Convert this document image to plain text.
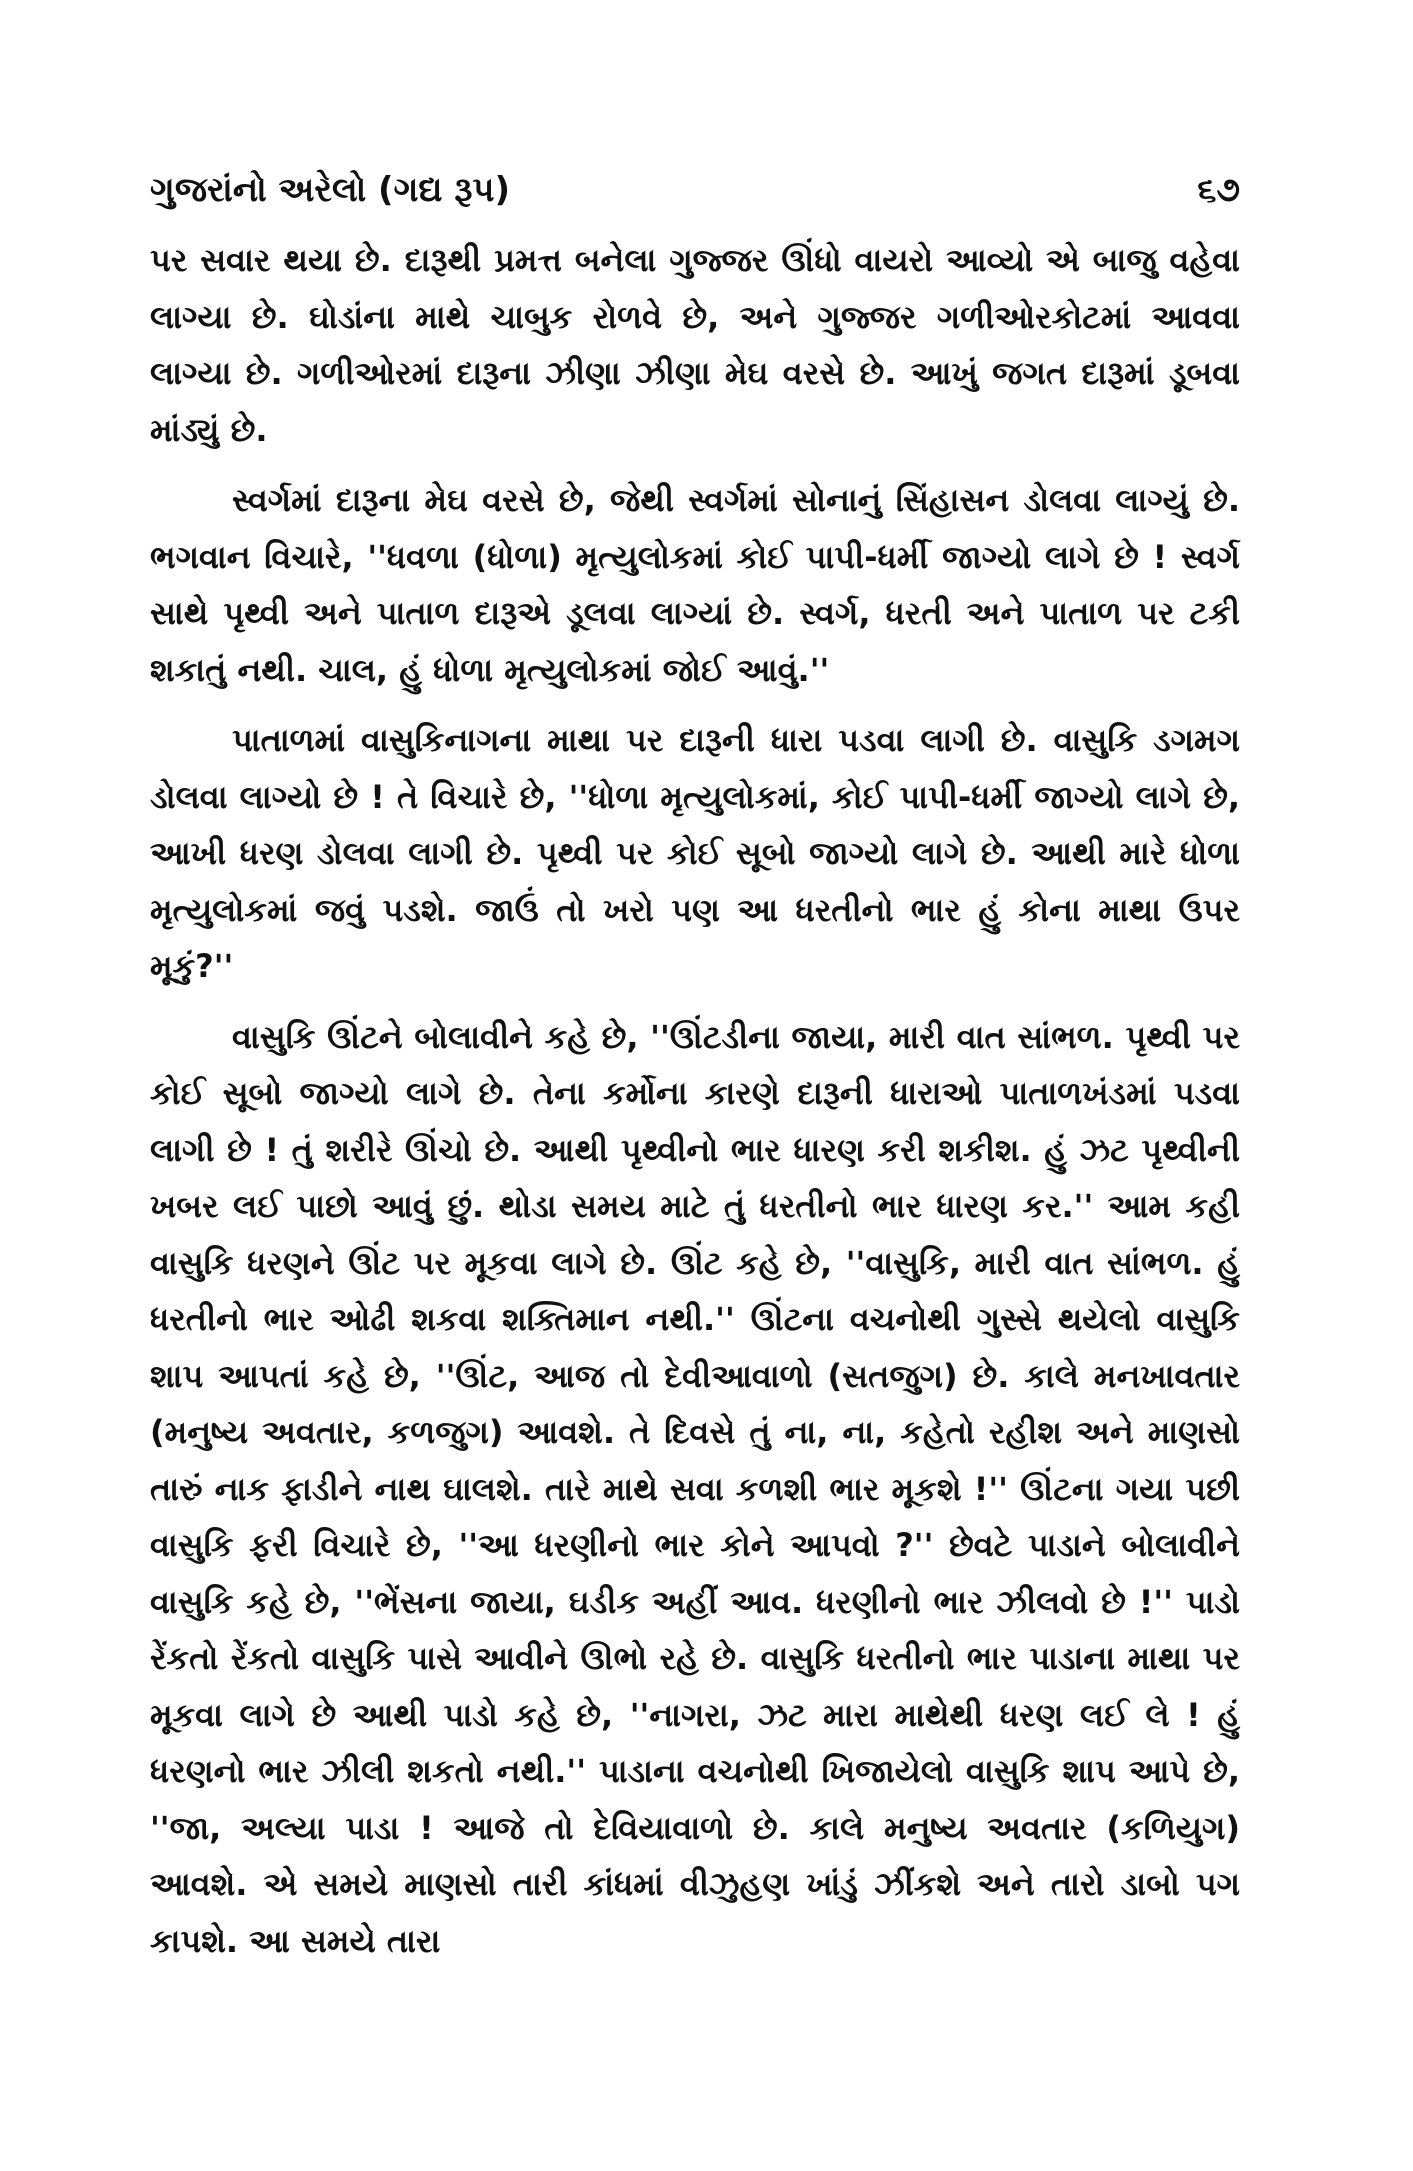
ગુજરાંનો અરેલો (ગદ્ય રૂપ)	૬૭

પર સવાર થયા છે. દારૂથી પ્રમત્ત બનેલા ગુજ્જર ઊંધો વાયરો આવ્યો એ બાજુ વહેવા લાગ્યા છે. ઘોડાંના માથે ચાબુક રોળવે છે, અને ગુજ્જર ગળીઓરકોટમાં આવવા લાગ્યા છે. ગળીઓરમાં દારૂના ઝીણા ઝીણા મેઘ વરસે છે. આખું જગત દારૂમાં ડૂબવા માંડ્યું છે.

સ્વર્ગમાં દારૂના મેઘ વરસે છે, જેથી સ્વર્ગમાં સોનાનું સિંહાસન ડોલવા લાગ્યું છે. ભગવાન વિચારે, ''ધવળા (ધોળા) મૃત્યુલોકમાં કોઈ પાપી-ધર્મી જાગ્યો લાગે છે ! સ્વર્ગ સાથે પૃથ્વી અને પાતાળ દારૂએ ડૂલવા લાગ્યાં છે. સ્વર્ગ, ધરતી અને પાતાળ પર ટકી શકાતું નથી. ચાલ, હું ધોળા મૃત્યુલોકમાં જોઈ આવું.''

પાતાળમાં વાસુકિનાગના માથા પર દારૂની ધારા પડવા લાગી છે. વાસુકિ ડગમગ ડોલવા લાગ્યો છે ! તે વિચારે છે, ''ધોળા મૃત્યુલોકમાં, કોઈ પાપી-ધર્મી જાગ્યો લાગે છે, આખી ધરણ ડોલવા લાગી છે. પૃથ્વી પર કોઈ સૂબો જાગ્યો લાગે છે. આથી મારે ધોળા મૃત્યુલોકમાં જવું પડશે. જાઉં તો ખરો પણ આ ધરતીનો ભાર હું કોના માથા ઉપર મૂકું?''

વાસુકિ ઊંટને બોલાવીને કહે છે, ''ઊંટડીના જાયા, મારી વાત સાંભળ. પૃથ્વી પર કોઈ સૂબો જાગ્યો લાગે છે. તેના કર્મોના કારણે દારૂની ધારાઓ પાતાળખંડમાં પડવા લાગી છે ! તું શરીરે ઊંચો છે. આથી પૃથ્વીનો ભાર ધારણ કરી શકીશ. હું ઝટ પૃથ્વીની ખબર લઈ પાછો આવું છું. થોડા સમય માટે તું ધરતીનો ભાર ધારણ કર.'' આમ કહી વાસુકિ ધરણને ઊંટ પર મૂકવા લાગે છે. ઊંટ કહે છે, ''વાસુકિ, મારી વાત સાંભળ. હું ધરતીનો ભાર ઓઢી શકવા શક્તિમાન નથી.'' ઊંટના વચનોથી ગુસ્સે થયેલો વાસુકિ શાપ આપતાં કહે છે, ''ઊંટ, આજ તો દેવીઆવાળો (સતજુગ) છે. કાલે મનખાવતાર (મનુષ્ય અવતાર, કળજુગ) આવશે. તે દિવસે તું ના, ના, કહેતો રહીશ અને માણસો તારું નાક ફાડીને નાથ ઘાલશે. તારે માથે સવા કળશી ભાર મૂકશે !'' ઊંટના ગયા પછી વાસુકિ ફરી વિચારે છે, ''આ ધરણીનો ભાર કોને આપવો ?'' છેવટે પાડાને બોલાવીને વાસુકિ કહે છે, ''ભેંસના જાયા, ઘડીક અહીં આવ. ધરણીનો ભાર ઝીલવો છે !'' પાડો રેંકતો રેંકતો વાસુકિ પાસે આવીને ઊભો રહે છે. વાસુકિ ધરતીનો ભાર પાડાના માથા પર મૂકવા લાગે છે આથી પાડો કહે છે, ''નાગરા, ઝટ મારા માથેથી ધરણ લઈ લે ! હું ધરણનો ભાર ઝીલી શકતો નથી.'' પાડાના વચનોથી ખિજાયેલો વાસુકિ શાપ આપે છે, ''જા, અલ્યા પાડા ! આજે તો દેવિયાવાળો છે. કાલે મનુષ્ય અવતાર (કળિયુગ) આવશે. એ સમયે માણસો તારી કાંધમાં વીઝુહણ ખાંડું ઝીંકશે અને તારો ડાબો પગ કાપશે. આ સમયે તારા
